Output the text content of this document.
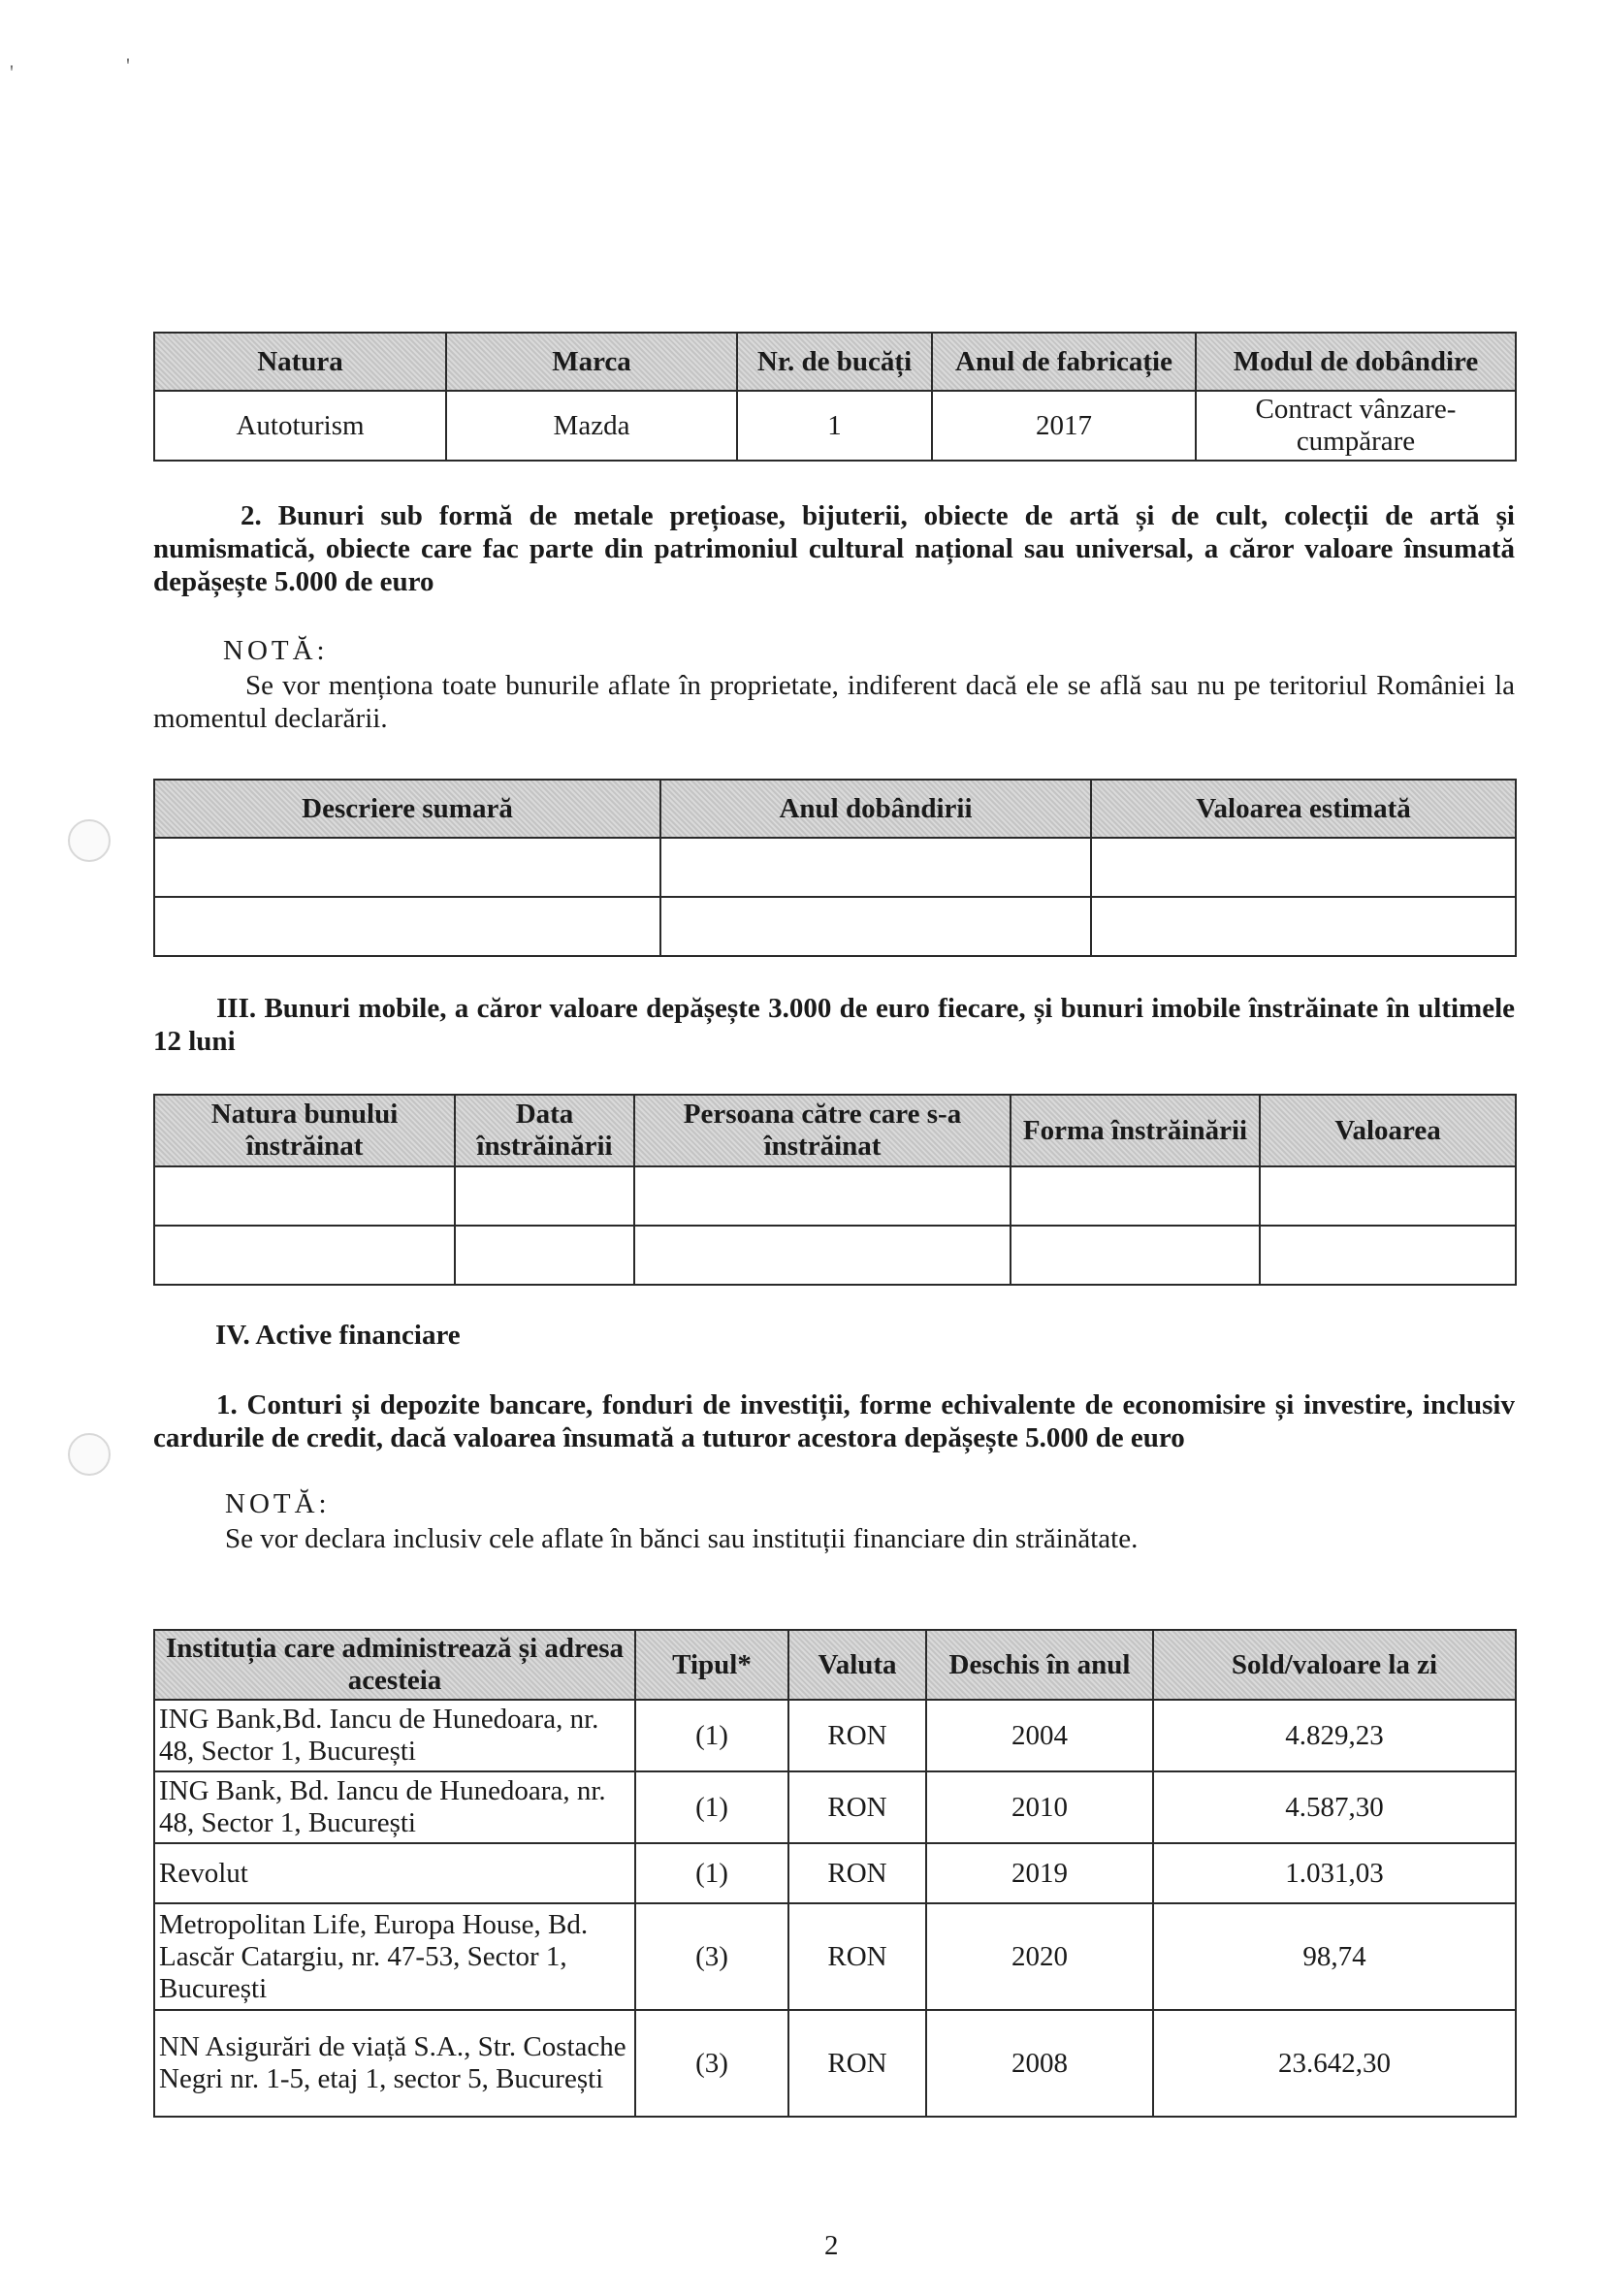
'	'
Natura	Marca	Nr. de bucăți	Anul de fabricație	Modul de dobândire
Autoturism	Mazda	1	2017	Contract vânzare-cumpărare
2. Bunuri sub formă de metale prețioase, bijuterii, obiecte de artă și de cult, colecții de artă și numismatică, obiecte care fac parte din patrimoniul cultural național sau universal, a căror valoare însumată depășește 5.000 de euro
NOTĂ:
Se vor menționa toate bunurile aflate în proprietate, indiferent dacă ele se află sau nu pe teritoriul României la momentul declarării.
Descriere sumară	Anul dobândirii	Valoarea estimată

III. Bunuri mobile, a căror valoare depășește 3.000 de euro fiecare, și bunuri imobile înstrăinate în ultimele 12 luni
Natura bunului înstrăinat	Data înstrăinării	Persoana către care s-a înstrăinat	Forma înstrăinării	Valoarea

IV. Active financiare
1. Conturi și depozite bancare, fonduri de investiții, forme echivalente de economisire și investire, inclusiv cardurile de credit, dacă valoarea însumată a tuturor acestora depășește 5.000 de euro
NOTĂ:
Se vor declara inclusiv cele aflate în bănci sau instituții financiare din străinătate.
Instituția care administrează și adresa acesteia	Tipul*	Valuta	Deschis în anul	Sold/valoare la zi
ING Bank,Bd. Iancu de Hunedoara, nr. 48, Sector 1, București	(1)	RON	2004	4.829,23
ING Bank, Bd. Iancu de Hunedoara, nr. 48, Sector 1, București	(1)	RON	2010	4.587,30
Revolut	(1)	RON	2019	1.031,03
Metropolitan Life, Europa House, Bd. Lascăr Catargiu, nr. 47-53, Sector 1, București	(3)	RON	2020	98,74
NN Asigurări de viață S.A., Str. Costache Negri nr. 1-5, etaj 1, sector 5, București	(3)	RON	2008	23.642,30
2
